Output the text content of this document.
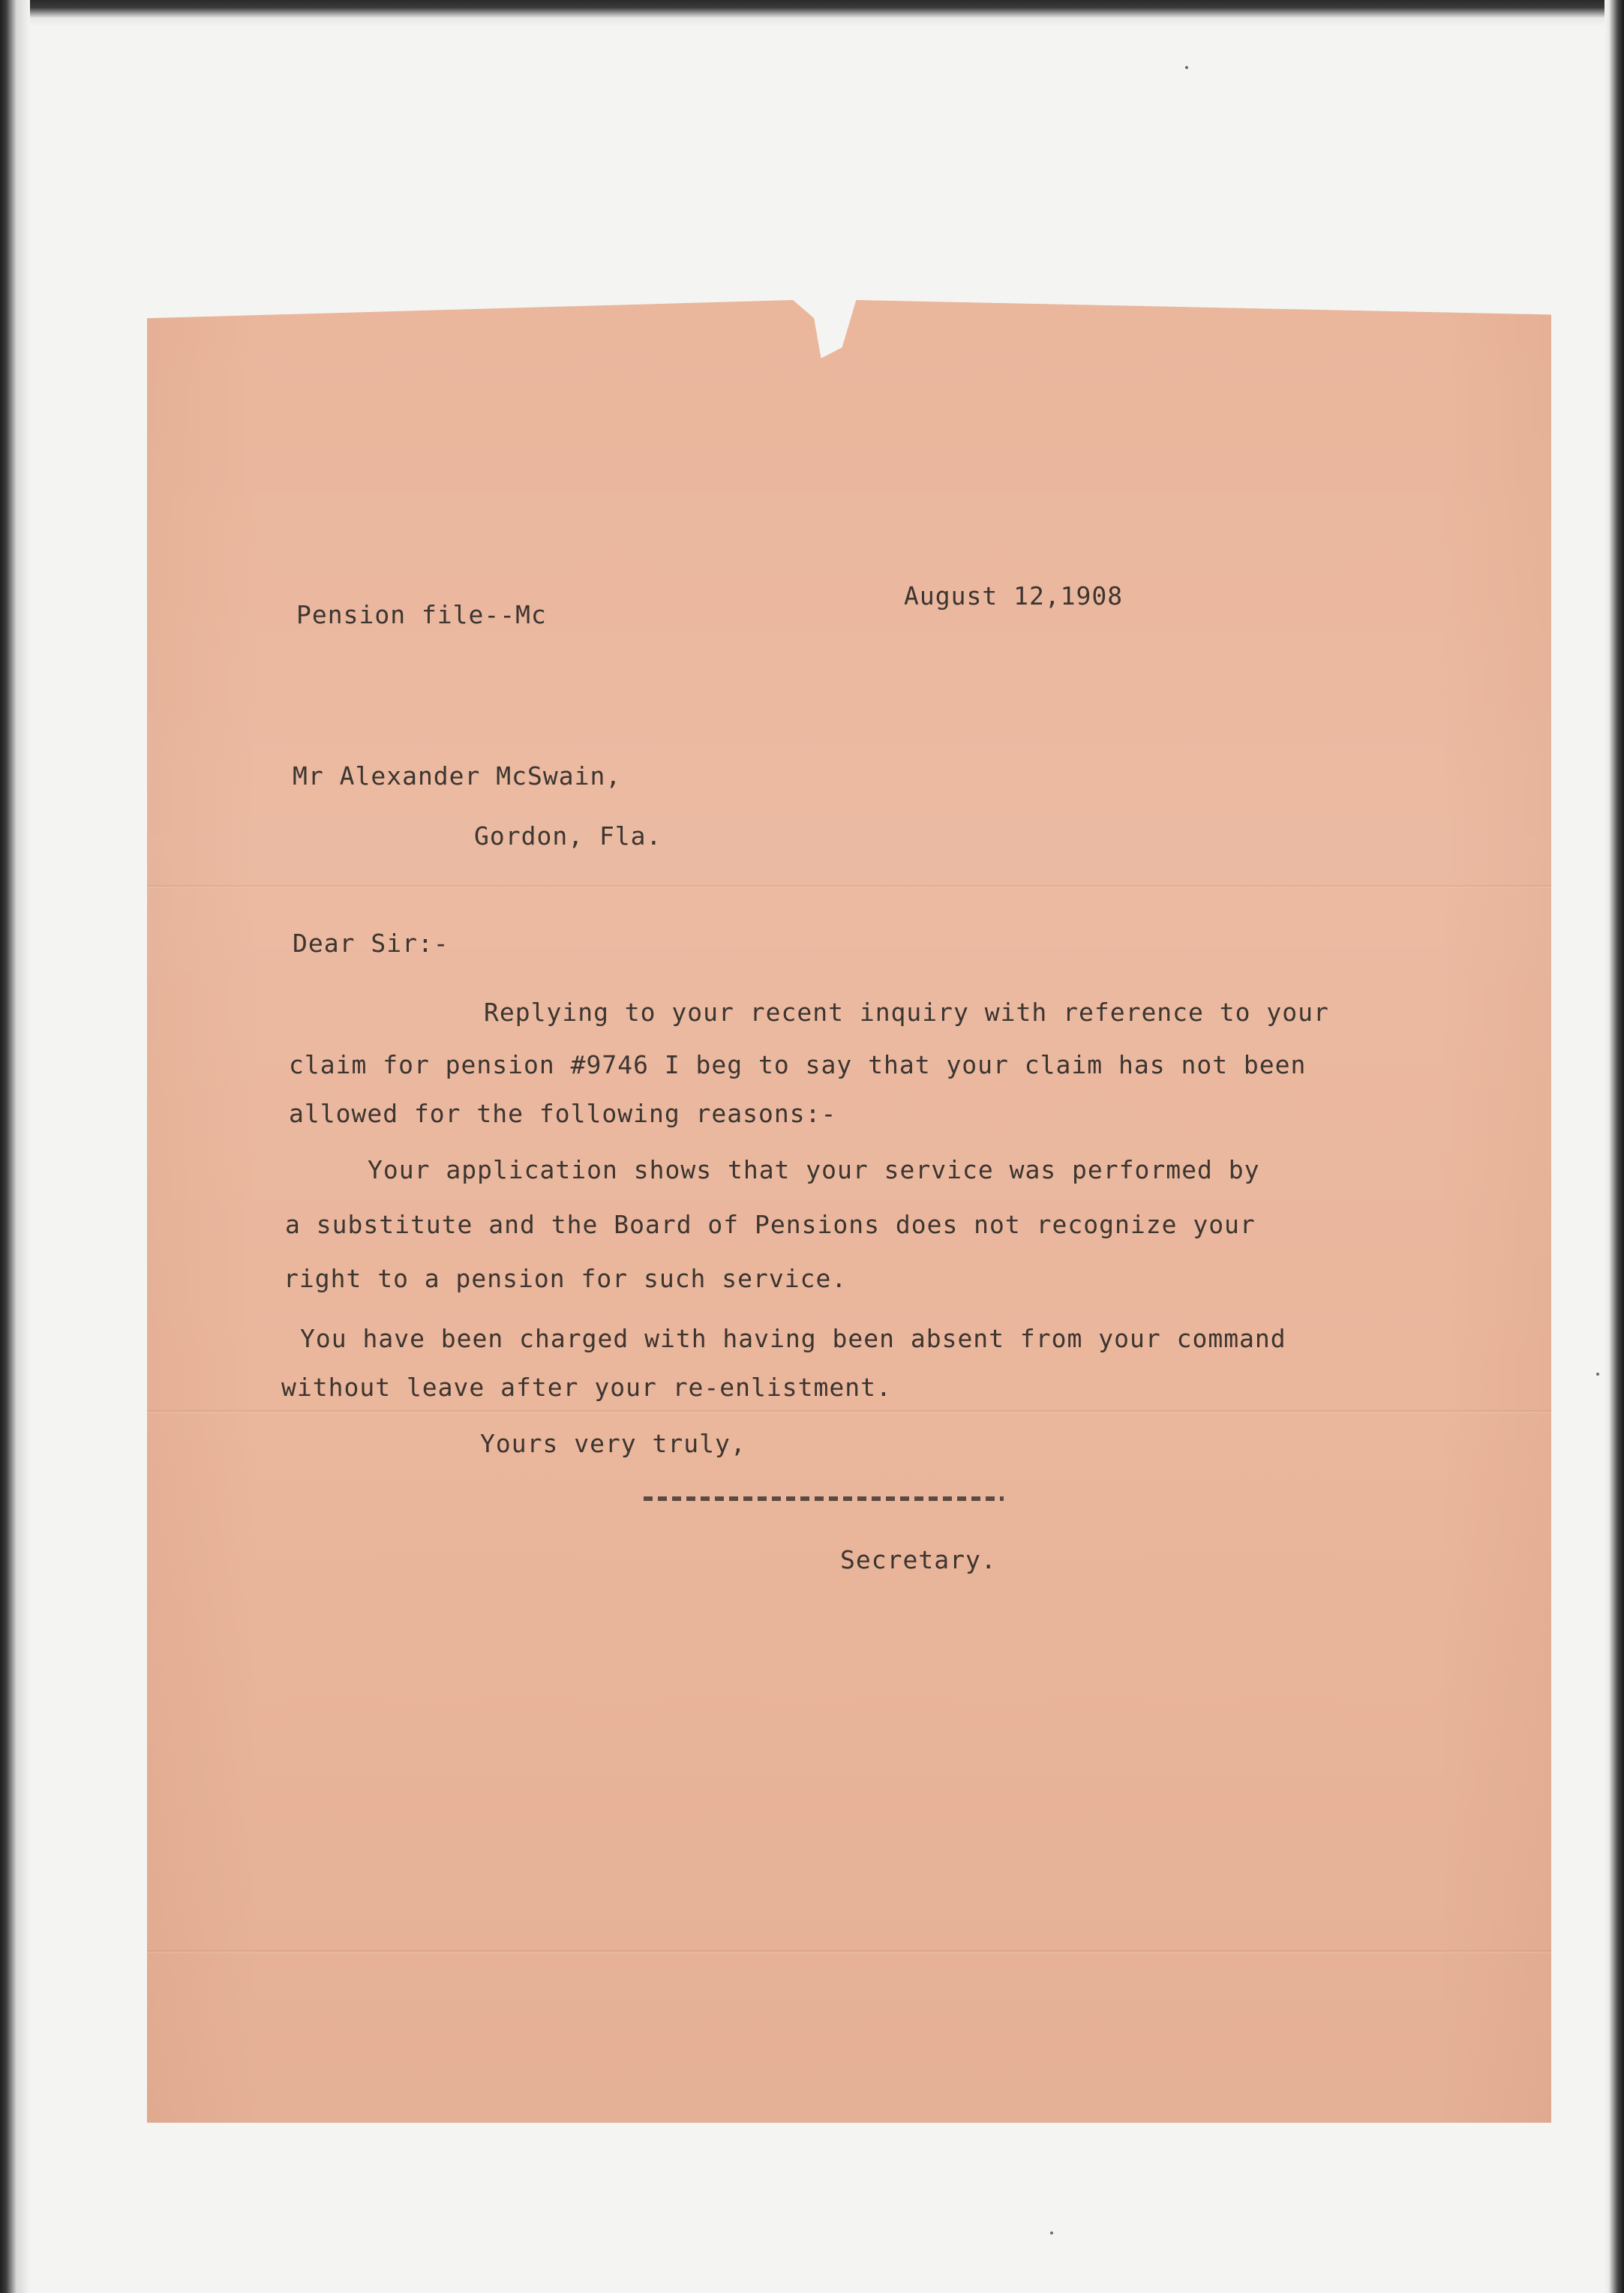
Pension file--Mc
August 12,1908
Mr Alexander McSwain,
Gordon, Fla.
Dear Sir:-
Replying to your recent inquiry with reference to your
claim for pension #9746 I beg to say that your claim has not been
allowed for the following reasons:-
Your application shows that your service was performed by
a substitute and the Board of Pensions does not recognize your
right to a pension for such service.
You have been charged with having been absent from your command
without leave after your re-enlistment.
Yours very truly,
Secretary.
